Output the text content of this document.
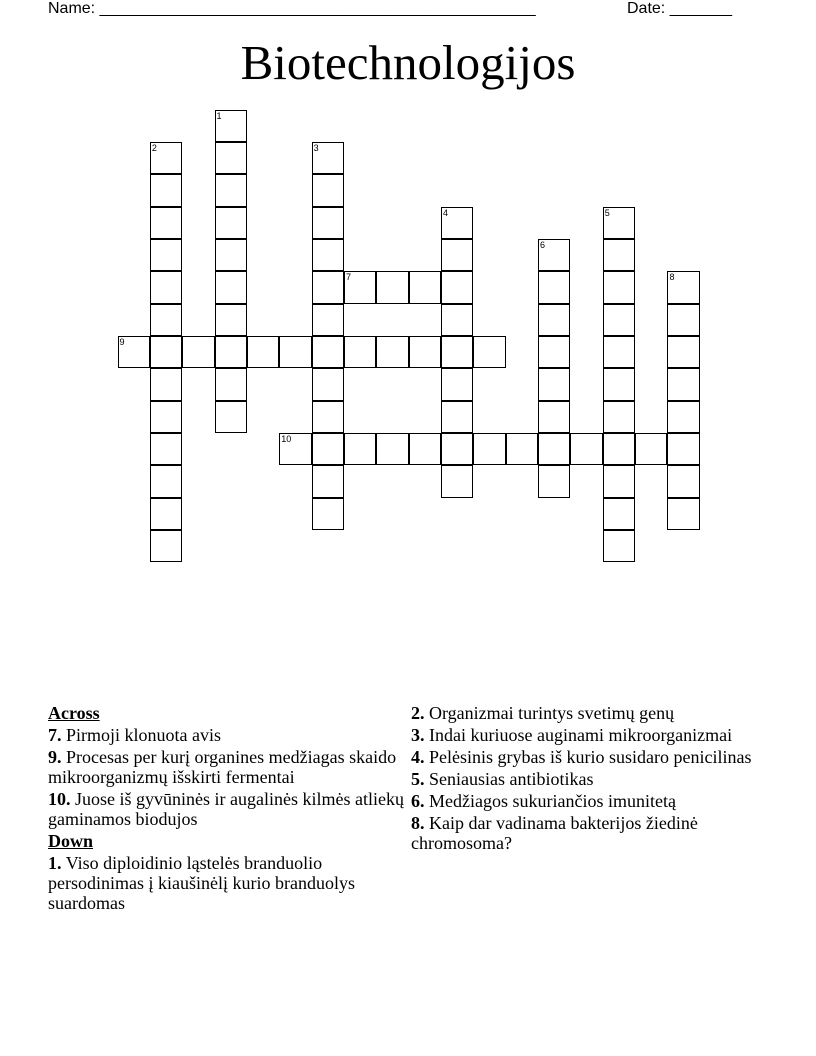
Name: _________________________________________________	Date: _______
Biotechnologijos
1
2	3
4	5
6
7	8
9
10
Across
7. Pirmoji klonuota avis
9. Procesas per kurį organines medžiagas skaido mikroorganizmų išskirti fermentai
10. Juose iš gyvūninės ir augalinės kilmės atliekų gaminamos biodujos
Down
1. Viso diploidinio ląstelės branduolio persodinimas į kiaušinėlį kurio branduolys suardomas
2. Organizmai turintys svetimų genų
3. Indai kuriuose auginami mikroorganizmai
4. Pelėsinis grybas iš kurio susidaro penicilinas
5. Seniausias antibiotikas
6. Medžiagos sukuriančios imunitetą
8. Kaip dar vadinama bakterijos žiedinė chromosoma?
